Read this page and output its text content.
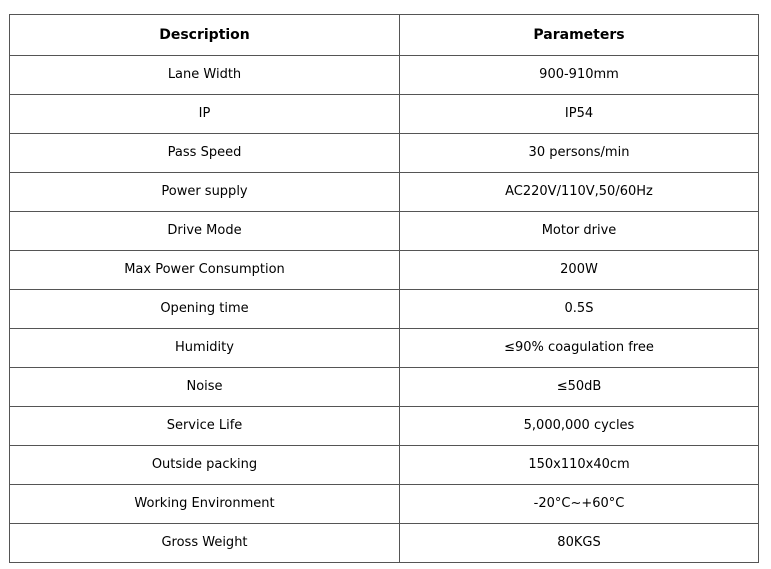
Description	Parameters
Lane Width	900-910mm
IP	IP54
Pass Speed	30 persons/min
Power supply	AC220V/110V,50/60Hz
Drive Mode	Motor drive
Max Power Consumption	200W
Opening time	0.5S
Humidity	≤90% coagulation free
Noise	≤50dB
Service Life	5,000,000 cycles
Outside packing	150x110x40cm
Working Environment	-20°C~+60°C
Gross Weight	80KGS
